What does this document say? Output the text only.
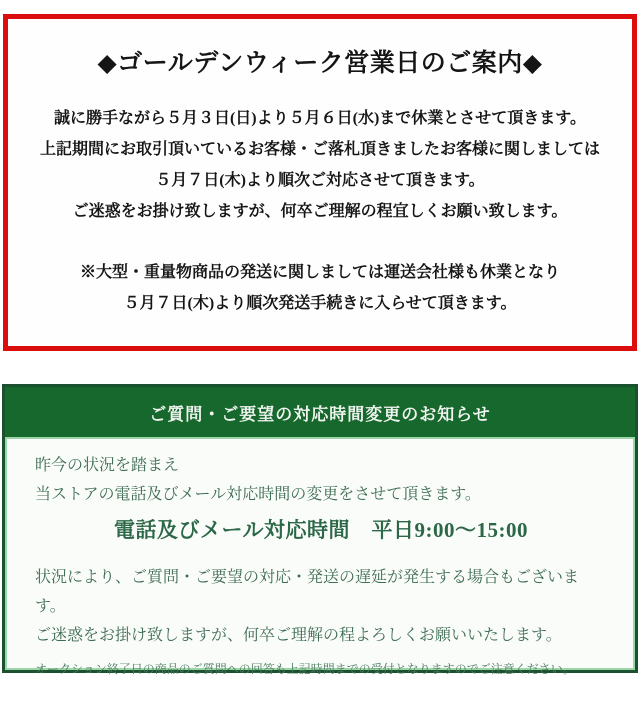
◆ゴールデンウィーク営業日のご案内◆
誠に勝手ながら５月３日(日)より５月６日(水)まで休業とさせて頂きます。
上記期間にお取引頂いているお客様・ご落札頂きましたお客様に関しましては
５月７日(木)より順次ご対応させて頂きます。
ご迷惑をお掛け致しますが、何卒ご理解の程宜しくお願い致します。
※大型・重量物商品の発送に関しましては運送会社様も休業となり
５月７日(木)より順次発送手続きに入らせて頂きます。
ご質問・ご要望の対応時間変更のお知らせ
昨今の状況を踏まえ
当ストアの電話及びメール対応時間の変更をさせて頂きます。
電話及びメール対応時間　平日9:00～15:00
状況により、ご質問・ご要望の対応・発送の遅延が発生する場合もございます。
ご迷惑をお掛け致しますが、何卒ご理解の程よろしくお願いいたします。
オークション終了日の商品のご質問への回答も上記時間までの受付となりますのでご注意ください。
